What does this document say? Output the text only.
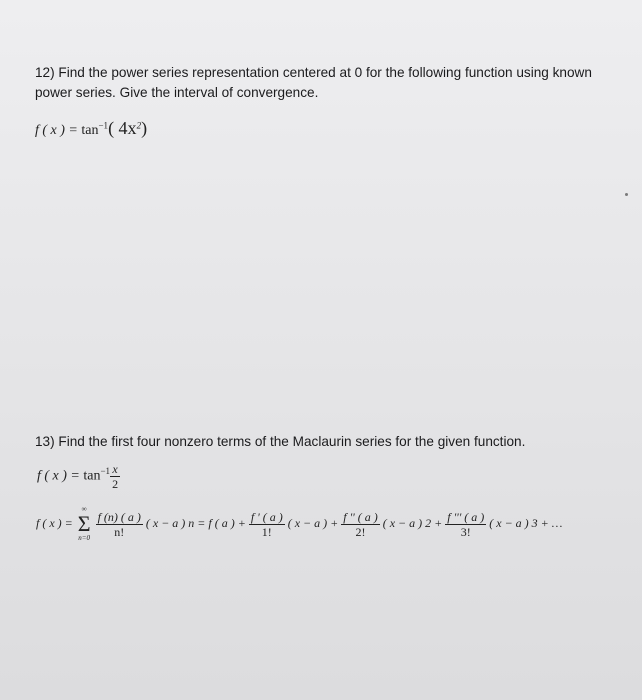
12) Find the power series representation centered at 0 for the following function using known power series. Give the interval of convergence.
f ( x ) = $\tan^{-1}$( $4x^2$)
13) Find the first four nonzero terms of the Maclaurin series for the given function.
f ( x ) = $\tan^{-1} \frac{x}{2}$
f ( x ) =
∞
Σ
n=0
$\frac{f (n) ( a )}{n!}$ ( x − a ) n = f ( a ) + $\frac{f ' ( a )}{1!}$ ( x − a ) + $\frac{f '' ( a )}{2!}$ ( x − a ) $2 + \frac{f ''' ( a )}{3!}$ ( x − a ) 3 + …
